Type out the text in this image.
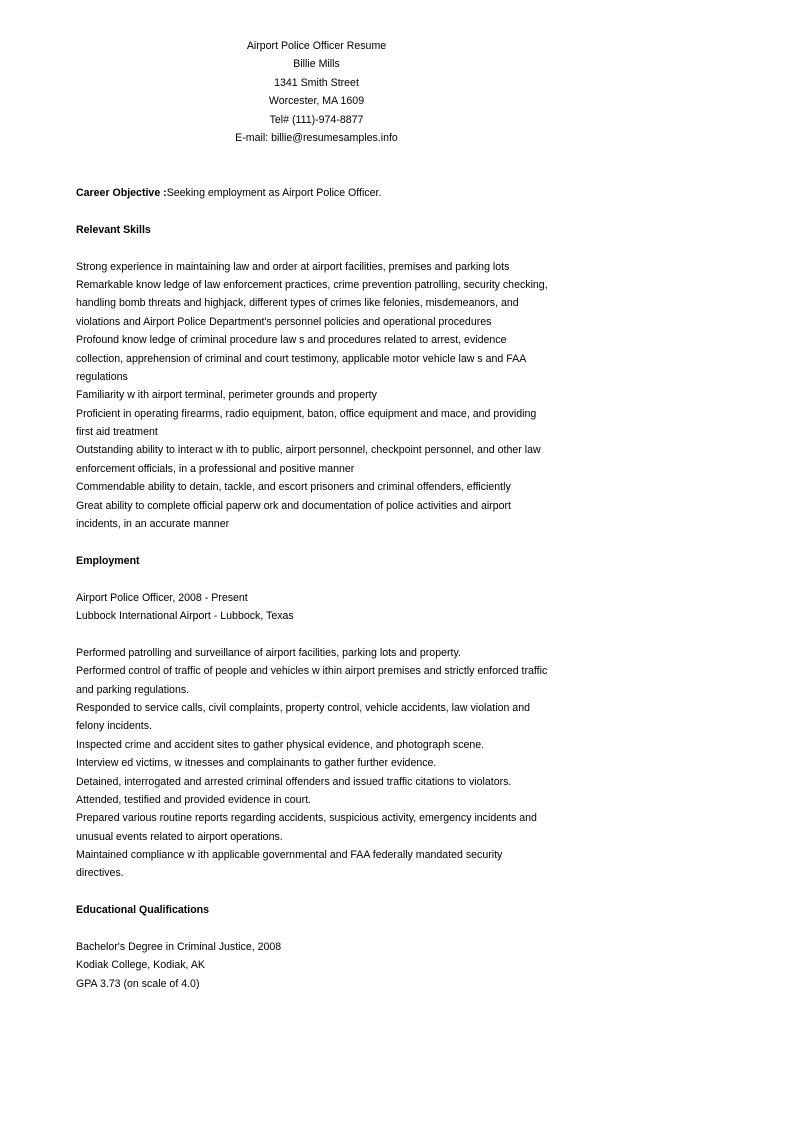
Airport Police Officer Resume
Billie Mills
1341 Smith Street
Worcester, MA 1609
Tel# (111)-974-8877
E-mail: billie@resumesamples.info
Career Objective :Seeking employment as Airport Police Officer.
Relevant Skills
Strong experience in maintaining law and order at airport facilities, premises and parking lots
Remarkable know ledge of law enforcement practices, crime prevention patrolling, security checking,
handling bomb threats and highjack, different types of crimes like felonies, misdemeanors, and
violations and Airport Police Department's personnel policies and operational procedures
Profound know ledge of criminal procedure law s and procedures related to arrest, evidence
collection, apprehension of criminal and court testimony, applicable motor vehicle law s and FAA
regulations
Familiarity w ith airport terminal, perimeter grounds and property
Proficient in operating firearms, radio equipment, baton, office equipment and mace, and providing
first aid treatment
Outstanding ability to interact w ith to public, airport personnel, checkpoint personnel, and other law
enforcement officials, in a professional and positive manner
Commendable ability to detain, tackle, and escort prisoners and criminal offenders, efficiently
Great ability to complete official paperw ork and documentation of police activities and airport
incidents, in an accurate manner
Employment
Airport Police Officer, 2008 - Present
Lubbock International Airport - Lubbock, Texas
Performed patrolling and surveillance of airport facilities, parking lots and property.
Performed control of traffic of people and vehicles w ithin airport premises and strictly enforced traffic
and parking regulations.
Responded to service calls, civil complaints, property control, vehicle accidents, law violation and
felony incidents.
Inspected crime and accident sites to gather physical evidence, and photograph scene.
Interview ed victims, w itnesses and complainants to gather further evidence.
Detained, interrogated and arrested criminal offenders and issued traffic citations to violators.
Attended, testified and provided evidence in court.
Prepared various routine reports regarding accidents, suspicious activity, emergency incidents and
unusual events related to airport operations.
Maintained compliance w ith applicable governmental and FAA federally mandated security
directives.
Educational Qualifications
Bachelor's Degree in Criminal Justice, 2008
Kodiak College, Kodiak, AK
GPA 3.73 (on scale of 4.0)
